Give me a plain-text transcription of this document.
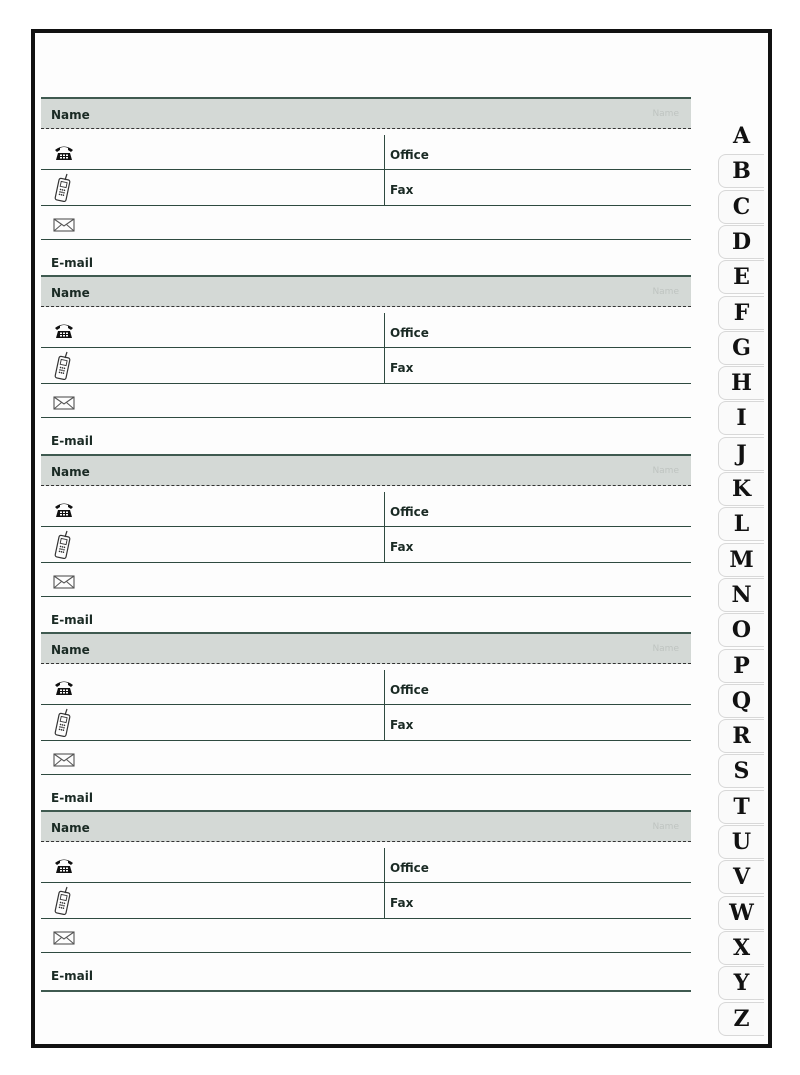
Name	Name
Office
Fax
E-mail
Name	Name
Office
Fax
E-mail
Name	Name
Office
Fax
E-mail
Name	Name
Office
Fax
E-mail
Name	Name
Office
Fax
E-mail
A
B
C
D
E
F
G
H
I
J
K
L
M
N
O
P
Q
R
S
T
U
V
W
X
Y
Z
